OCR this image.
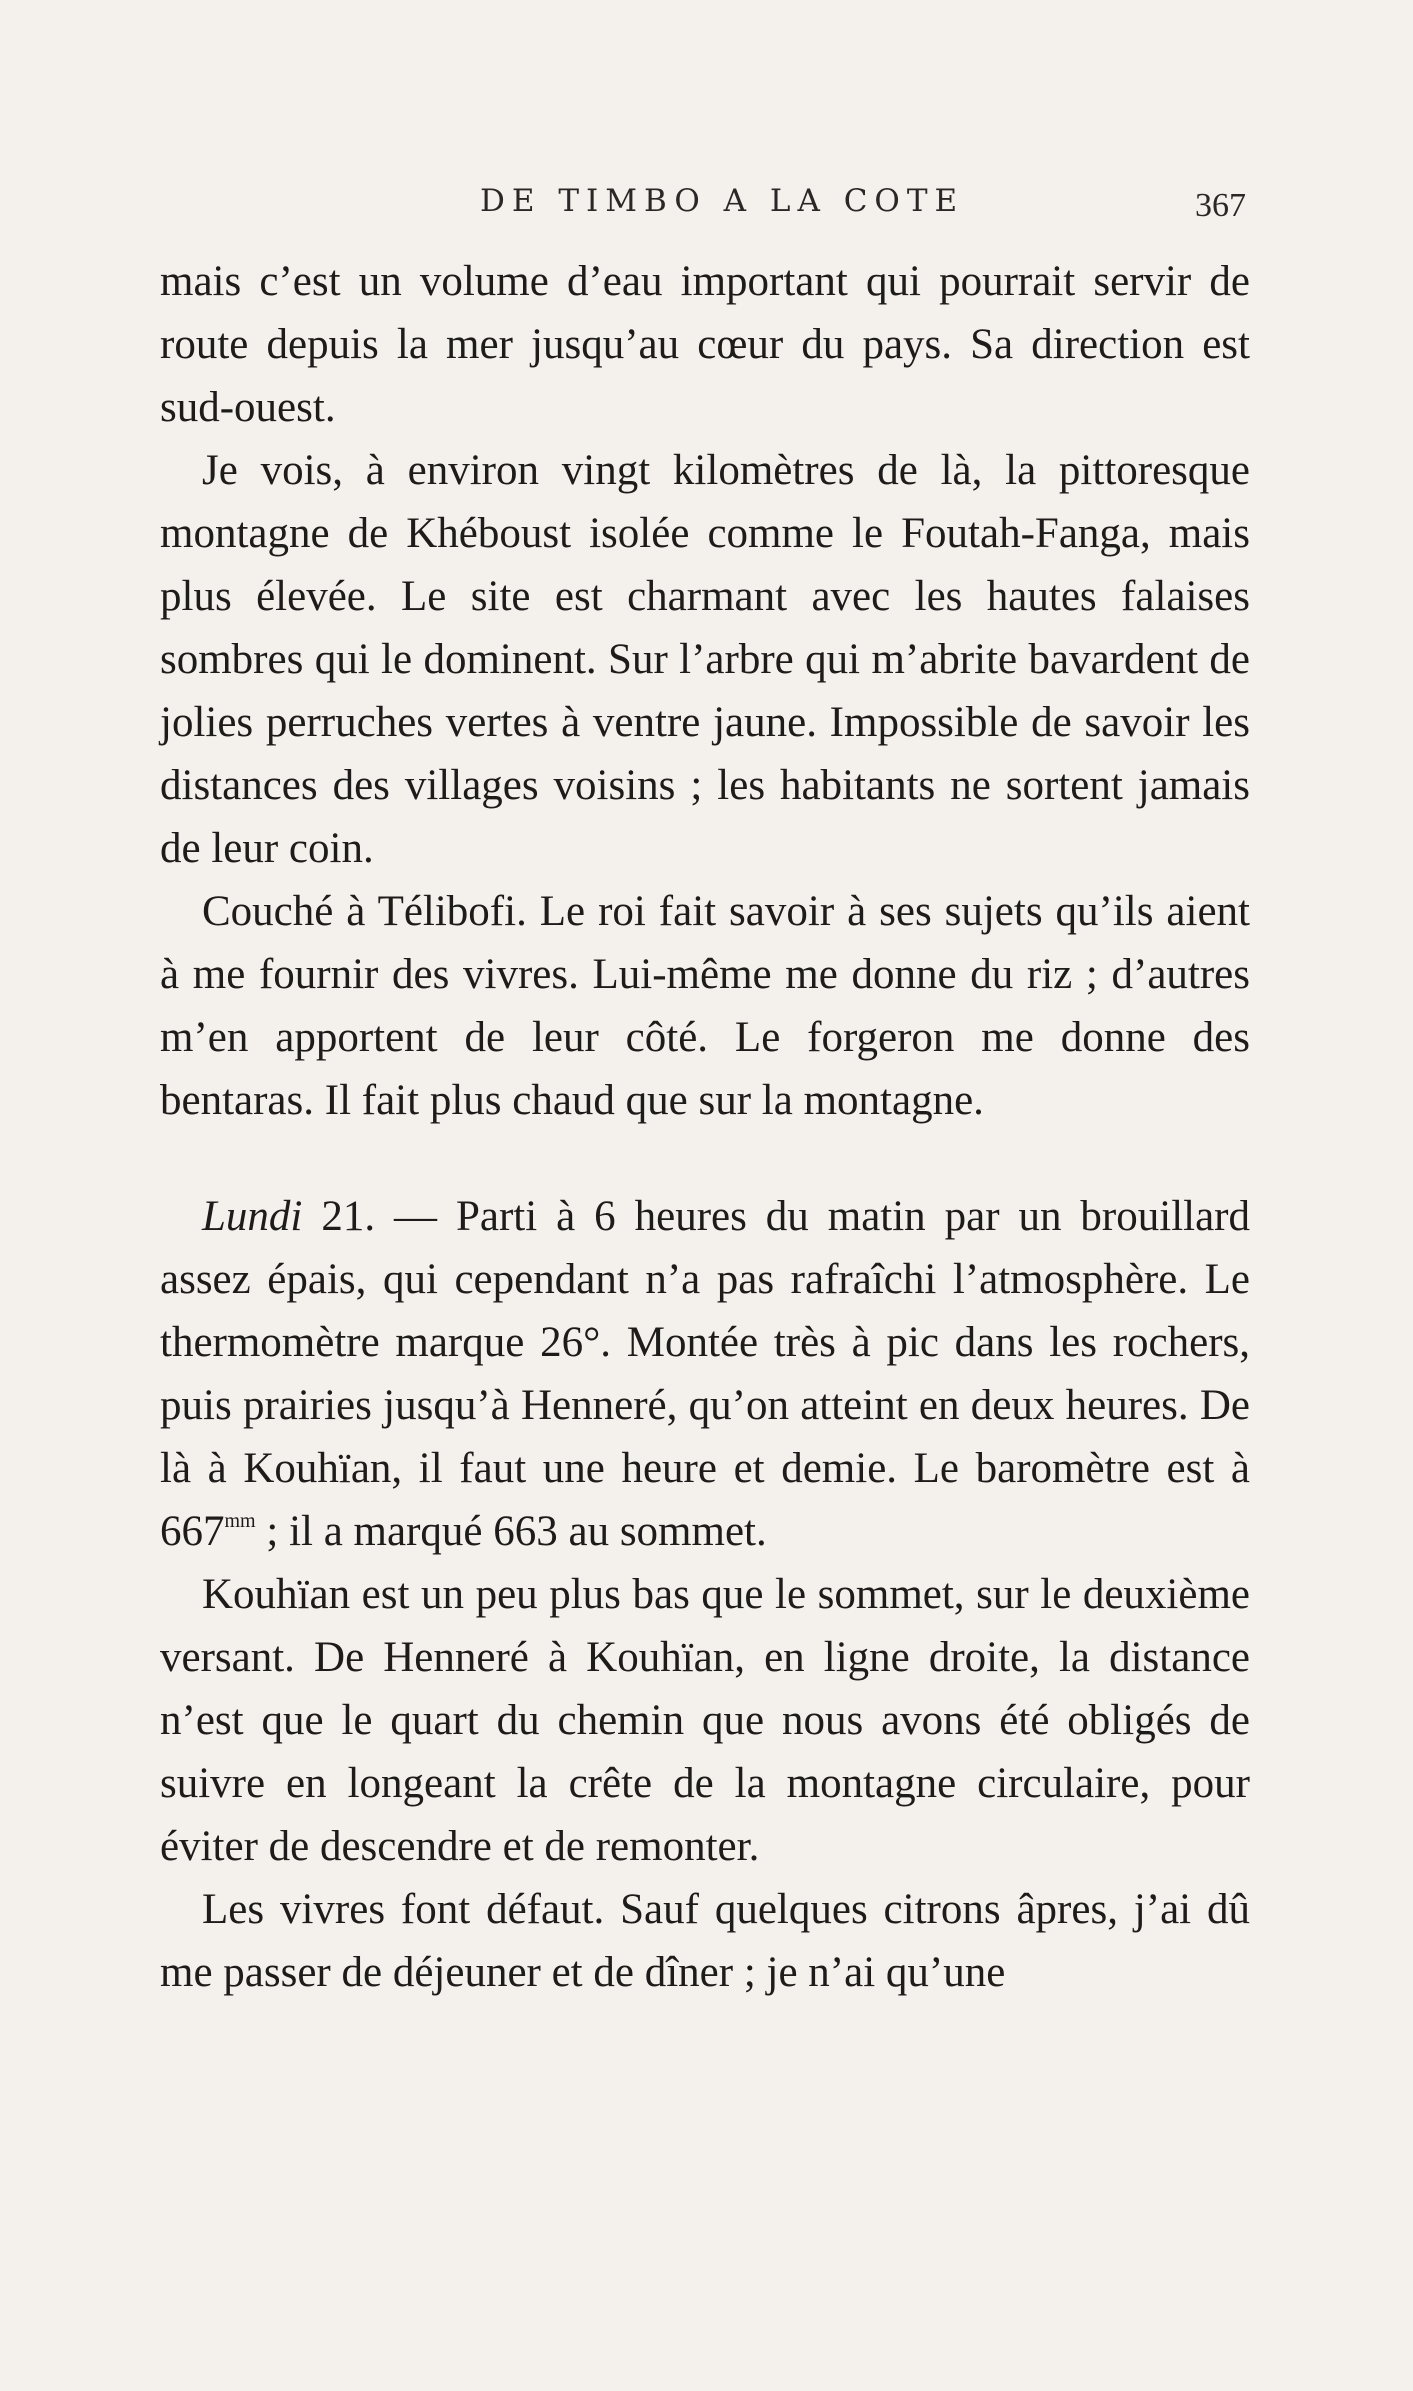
DE TIMBO A LA COTE	367

mais c’est un volume d’eau important qui pourrait servir de route depuis la mer jusqu’au cœur du pays. Sa direction est sud-ouest.

Je vois, à environ vingt kilomètres de là, la pittoresque montagne de Khéboust isolée comme le Foutah-Fanga, mais plus élevée. Le site est charmant avec les hautes falaises sombres qui le dominent. Sur l’arbre qui m’abrite bavardent de jolies perruches vertes à ventre jaune. Impossible de savoir les distances des villages voisins ; les habitants ne sortent jamais de leur coin.

Couché à Télibofi. Le roi fait savoir à ses sujets qu’ils aient à me fournir des vivres. Lui-même me donne du riz ; d’autres m’en apportent de leur côté. Le forgeron me donne des bentaras. Il fait plus chaud que sur la montagne.

Lundi 21. — Parti à 6 heures du matin par un brouillard assez épais, qui cependant n’a pas rafraîchi l’atmosphère. Le thermomètre marque 26°. Montée très à pic dans les rochers, puis prairies jusqu’à Henneré, qu’on atteint en deux heures. De là à Kouhïan, il faut une heure et demie. Le baromètre est à $667^{mm}$ ; il a marqué 663 au sommet.

Kouhïan est un peu plus bas que le sommet, sur le deuxième versant. De Henneré à Kouhïan, en ligne droite, la distance n’est que le quart du chemin que nous avons été obligés de suivre en longeant la crête de la montagne circulaire, pour éviter de descendre et de remonter.

Les vivres font défaut. Sauf quelques citrons âpres, j’ai dû me passer de déjeuner et de dîner ; je n’ai qu’une
